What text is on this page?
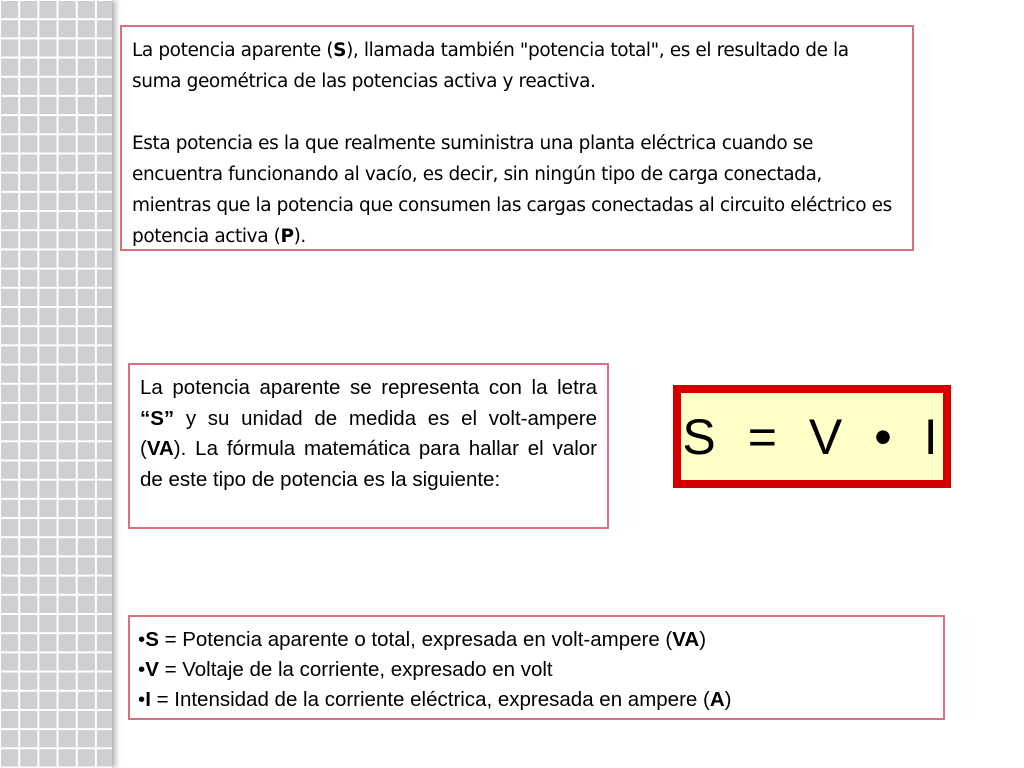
La potencia aparente (S), llamada también "potencia total", es el resultado de la suma geométrica de las potencias activa y reactiva.

Esta potencia es la que realmente suministra una planta eléctrica cuando se encuentra funcionando al vacío, es decir, sin ningún tipo de carga conectada, mientras que la potencia que consumen las cargas conectadas al circuito eléctrico es potencia activa (P).

La potencia aparente se representa con la letra “S” y su unidad de medida es el volt-ampere (VA). La fórmula matemática para hallar el valor de este tipo de potencia es la siguiente:
S = V • I
•S = Potencia aparente o total, expresada en volt-ampere (VA)
•V = Voltaje de la corriente, expresado en volt
•I = Intensidad de la corriente eléctrica, expresada en ampere (A)
